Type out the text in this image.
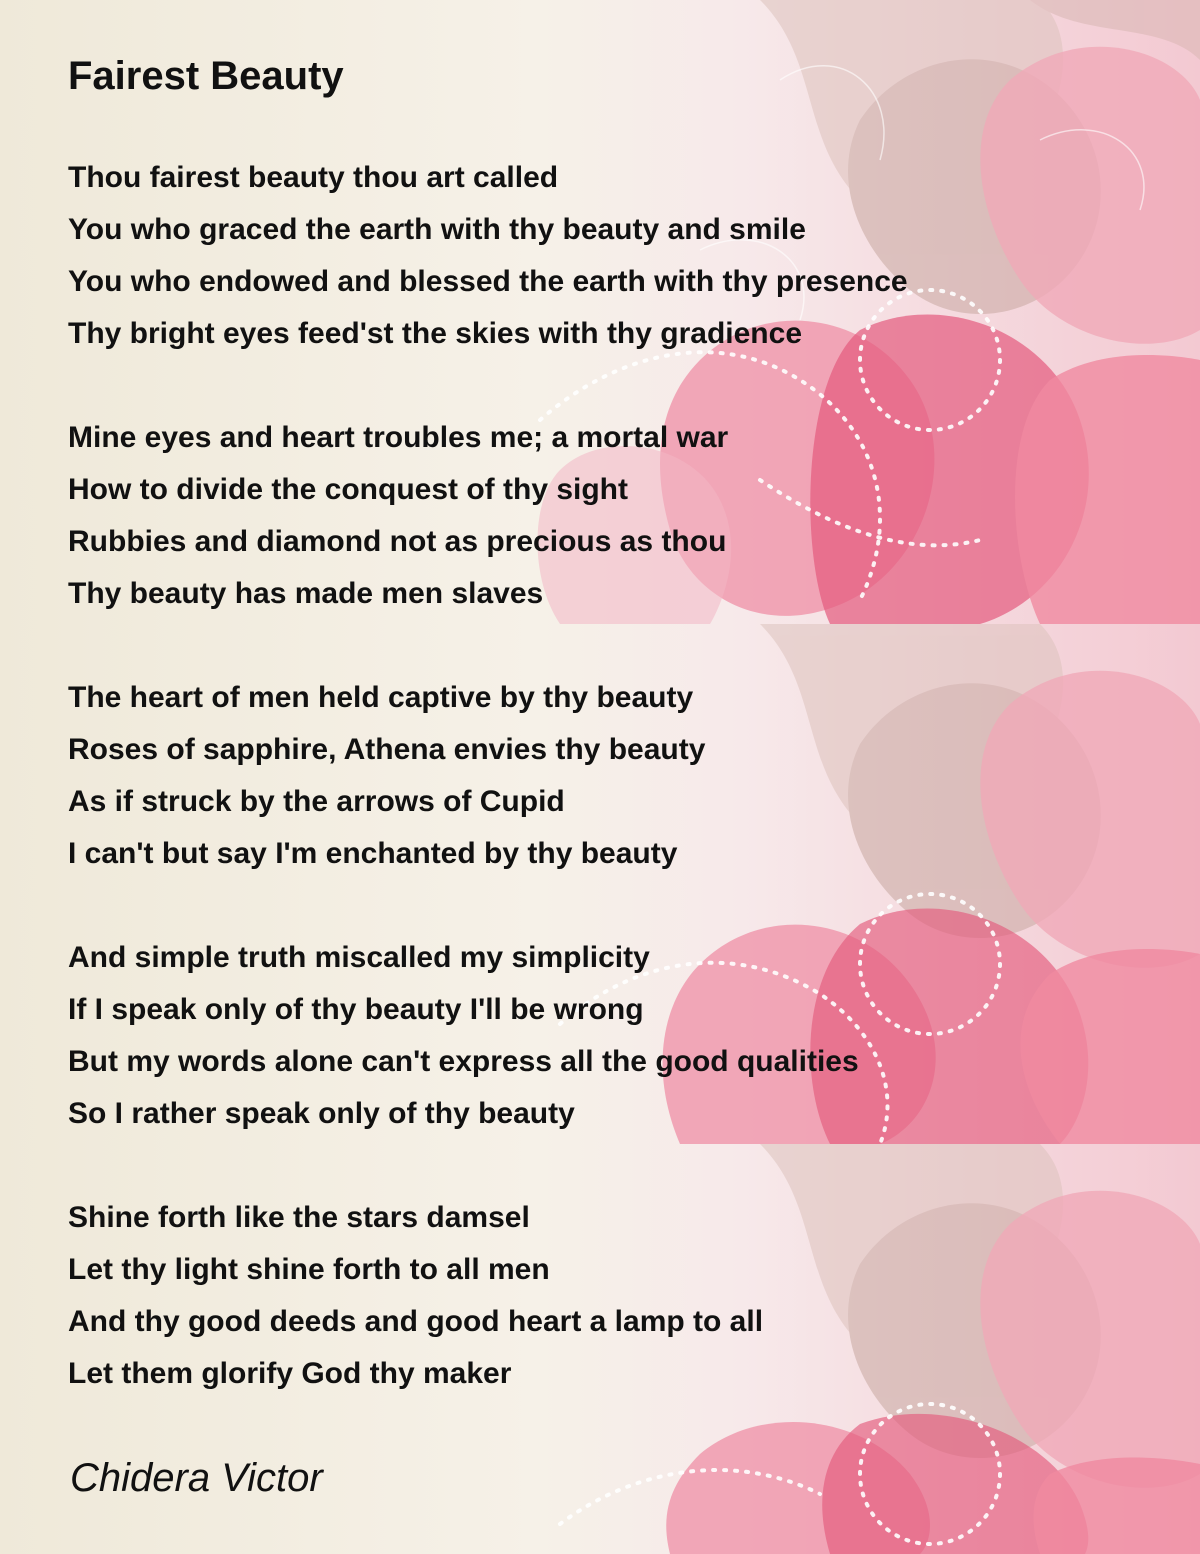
Fairest Beauty
Thou fairest beauty thou art called
You who graced the earth with thy beauty and smile
You who endowed and blessed the earth with thy presence
Thy bright eyes feed'st the skies with thy gradience
Mine eyes and heart troubles me; a mortal war
How to divide the conquest of thy sight
Rubbies and diamond not as precious as thou
Thy beauty has made men slaves
The heart of men held captive by thy beauty
Roses of sapphire, Athena envies thy beauty
As if struck by the arrows of Cupid
I can't but say I'm enchanted by thy beauty
And simple truth miscalled my simplicity
If I speak only of thy beauty I'll be wrong
But my words alone can't express all the good qualities
So I rather speak only of thy beauty
Shine forth like the stars damsel
Let thy light shine forth to all men
And thy good deeds and good heart a lamp to all
Let them glorify God thy maker
Chidera Victor
